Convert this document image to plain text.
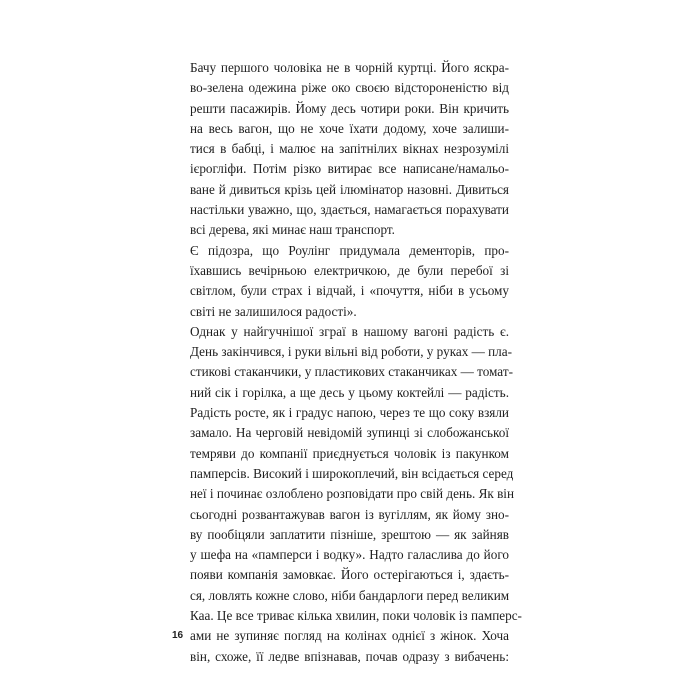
Бачу першого чоловіка не в чорній куртці. Його яскра-
во-зелена одежина ріже око своєю відстороненістю від
решти пасажирів. Йому десь чотири роки. Він кричить
на весь вагон, що не хоче їхати додому, хоче залиши-
тися в бабці, і малює на запітнілих вікнах незрозумілі
ієрогліфи. Потім різко витирає все написане/намальо-
ване й дивиться крізь цей ілюмінатор назовні. Дивиться
настільки уважно, що, здається, намагається порахувати
всі дерева, які минає наш транспорт.

Є підозра, що Роулінг придумала дементорів, про-
їхавшись вечірньою електричкою, де були перебої зі
світлом, були страх і відчай, і «почуття, ніби в усьому
світі не залишилося радості».

Однак у найгучнішої зграї в нашому вагоні радість є.
День закінчився, і руки вільні від роботи, у руках — пла-
стикові стаканчики, у пластикових стаканчиках — томат-
ний сік і горілка, а ще десь у цьому коктейлі — радість.
Радість росте, як і градус напою, через те що соку взяли
замало. На черговій невідомій зупинці зі слобожанської
темряви до компанії приєднується чоловік із пакунком
памперсів. Високий і широкоплечий, він всідається серед
неї і починає озлоблено розповідати про свій день. Як він
сьогодні розвантажував вагон із вугіллям, як йому зно-
ву пообіцяли заплатити пізніше, зрештою — як зайняв
у шефа на «памперси і водку». Надто галаслива до його
появи компанія замовкає. Його остерігаються і, здаєть-
ся, ловлять кожне слово, ніби бандарлоги перед великим
Каа. Це все триває кілька хвилин, поки чоловік із памперс-
ами не зупиняє погляд на колінах однієї з жінок. Хоча
він, схоже, її ледве впізнавав, почав одразу з вибачень:

16
